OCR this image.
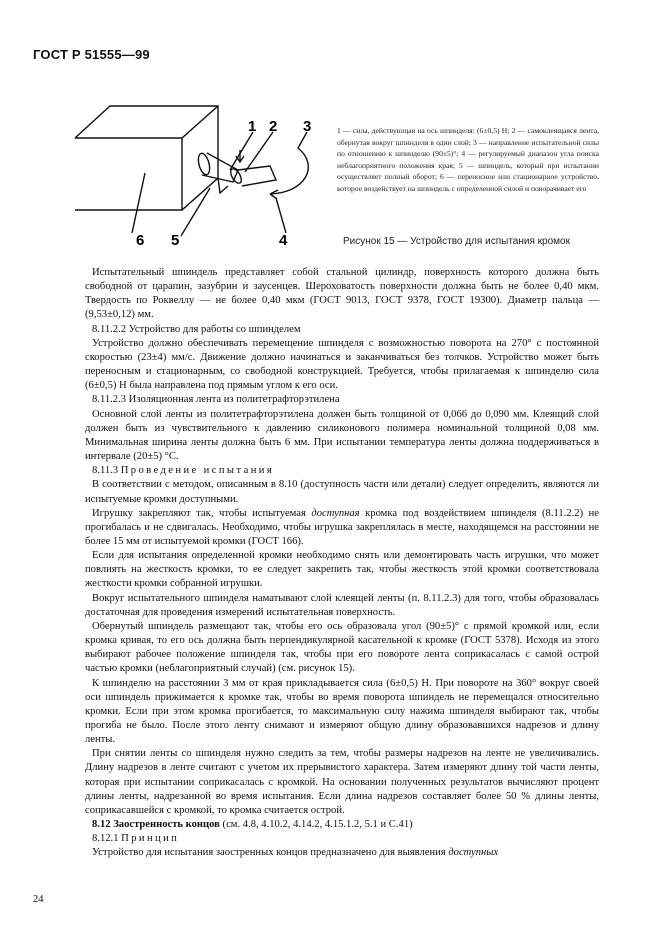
ГОСТ Р 51555—99
1 2 3
4
5
6
1 — сила, действующая на ось шпинделя: (6±0,5) Н; 2 — самоклеящаяся лента, обернутая вокруг шпинделя в один слой; 3 — направление испытательной силы по отношению к шпинделю (90±5)°; 4 — регулируемый диапазон угла поиска неблагоприятного положения края; 5 — шпиндель, который при испытании осуществляет полный оборот; 6 — переносное или стационарное устройство, которое воздействует на шпиндель с определенной силой и поворачивает его
Рисунок 15 — Устройство для испытания кромок

Испытательный шпиндель представляет собой стальной цилиндр, поверхность которого должна быть свободной от царапин, зазубрин и заусенцев. Шероховатость поверхности должна быть не более 0,40 мкм. Твердость по Роквеллу — не более 0,40 мкм (ГОСТ 9013, ГОСТ 9378, ГОСТ 19300). Диаметр пальца — (9,53±0,12) мм.

8.11.2.2 Устройство для работы со шпинделем

Устройство должно обеспечивать перемещение шпинделя с возможностью поворота на 270° с постоянной скоростью (23±4) мм/с. Движение должно начинаться и заканчиваться без толчков. Устройство может быть переносным и стационарным, со свободной конструкцией. Требуется, чтобы прилагаемая к шпинделю сила (6±0,5) Н была направлена под прямым углом к его оси.

8.11.2.3 Изоляционная лента из политетрафторэтилена

Основной слой ленты из политетрафторэтилена должен быть толщиной от 0,066 до 0,090 мм. Клеящий слой должен быть из чувствительного к давлению силиконового полимера номинальной толщиной 0,08 мм. Минимальная ширина ленты должна быть 6 мм. При испытании температура ленты должна поддерживаться в интервале (20±5) °С.

8.11.3 Проведение испытания

В соответствии с методом, описанным в 8.10 (доступность части или детали) следует определить, являются ли испытуемые кромки доступными.

Игрушку закрепляют так, чтобы испытуемая доступная кромка под воздействием шпинделя (8.11.2.2) не прогибалась и не сдвигалась. Необходимо, чтобы игрушка закреплялась в месте, находящемся на расстоянии не более 15 мм от испытуемой кромки (ГОСТ 166).

Если для испытания определенной кромки необходимо снять или демонтировать часть игрушки, что может повлиять на жесткость кромки, то ее следует закрепить так, чтобы жесткость этой кромки соответствовала жесткости кромки собранной игрушки.

Вокруг испытательного шпинделя наматывают слой клеящей ленты (п. 8.11.2.3) для того, чтобы образовалась достаточная для проведения измерений испытательная поверхность.

Обернутый шпиндель размещают так, чтобы его ось образовала угол (90±5)° с прямой кромкой или, если кромка кривая, то его ось должна быть перпендикулярной касательной к кромке (ГОСТ 5378). Исходя из этого выбирают рабочее положение шпинделя так, чтобы при его повороте лента соприкасалась с самой острой частью кромки (неблагоприятный случай) (см. рисунок 15).

К шпинделю на расстоянии 3 мм от края прикладывается сила (6±0,5) Н. При повороте на 360° вокруг своей оси шпиндель прижимается к кромке так, чтобы во время поворота шпиндель не перемещался относительно кромки. Если при этом кромка прогибается, то максимальную силу нажима шпинделя выбирают так, чтобы прогиба не было. После этого ленту снимают и измеряют общую длину образовавшихся надрезов и длину ленты.

При снятии ленты со шпинделя нужно следить за тем, чтобы размеры надрезов на ленте не увеличивались. Длину надрезов в ленте считают с учетом их прерывистого характера. Затем измеряют длину той части ленты, которая при испытании соприкасалась с кромкой. На основании полученных результатов вычисляют процент длины ленты, надрезанной во время испытания. Если длина надрезов составляет более 50 % длины ленты, соприкасавшейся с кромкой, то кромка считается острой.

8.12 Заостренность концов (см. 4.8, 4.10.2, 4.14.2, 4.15.1.2, 5.1 и С.41)

8.12.1 Принцип

Устройство для испытания заостренных концов предназначено для выявления доступных

24
